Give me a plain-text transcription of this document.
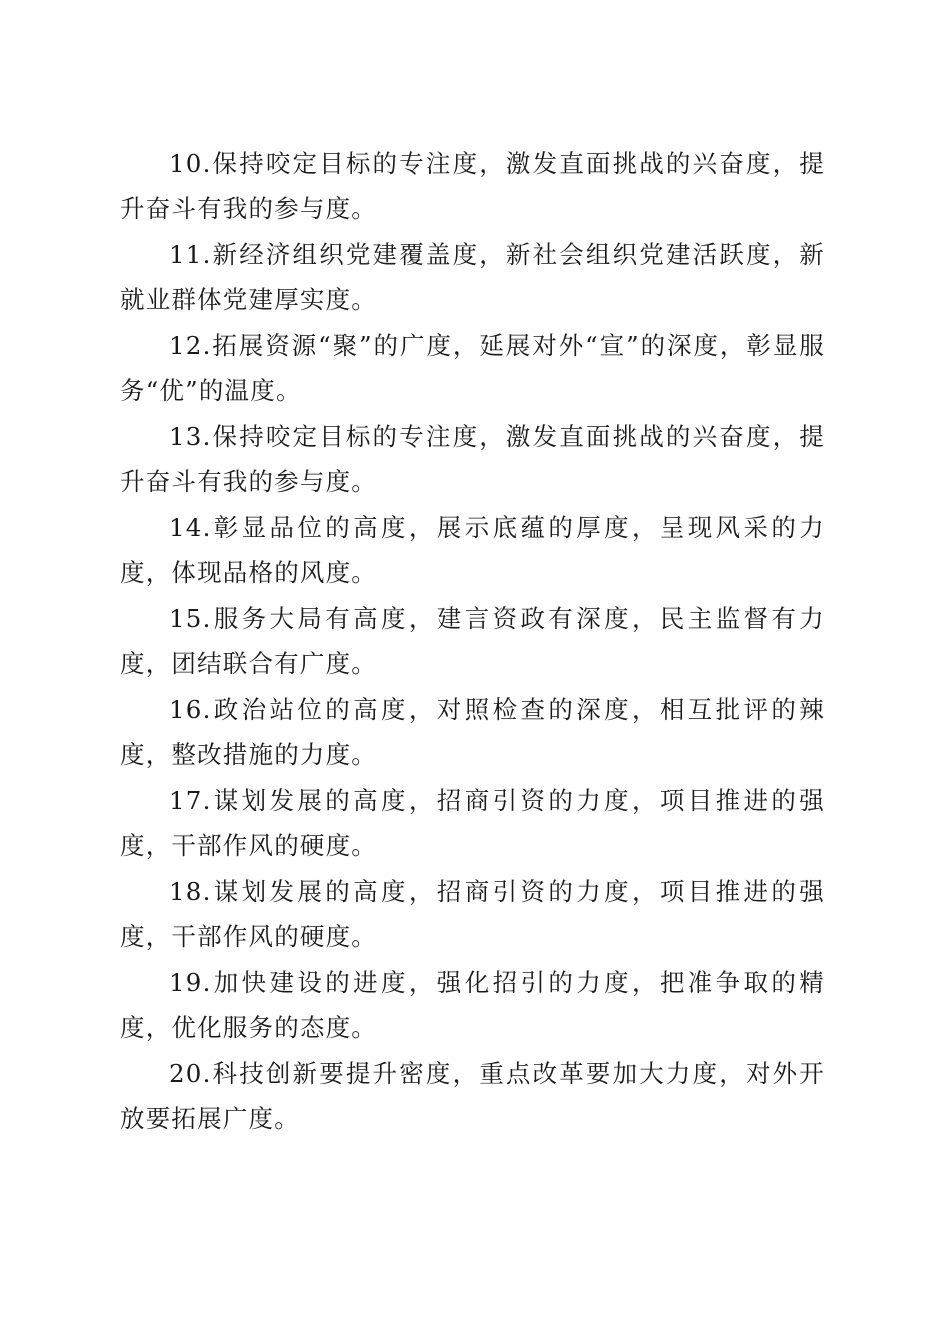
10.保持咬定目标的专注度，激发直面挑战的兴奋度，提升奋斗有我的参与度。

11.新经济组织党建覆盖度，新社会组织党建活跃度，新就业群体党建厚实度。

12.拓展资源“聚”的广度，延展对外“宣”的深度，彰显服务“优”的温度。

13.保持咬定目标的专注度，激发直面挑战的兴奋度，提升奋斗有我的参与度。

14.彰显品位的高度，展示底蕴的厚度，呈现风采的力度，体现品格的风度。

15.服务大局有高度，建言资政有深度，民主监督有力度，团结联合有广度。

16.政治站位的高度，对照检查的深度，相互批评的辣度，整改措施的力度。

17.谋划发展的高度，招商引资的力度，项目推进的强度，干部作风的硬度。

18.谋划发展的高度，招商引资的力度，项目推进的强度，干部作风的硬度。

19.加快建设的进度，强化招引的力度，把准争取的精度，优化服务的态度。

20.科技创新要提升密度，重点改革要加大力度，对外开放要拓展广度。
